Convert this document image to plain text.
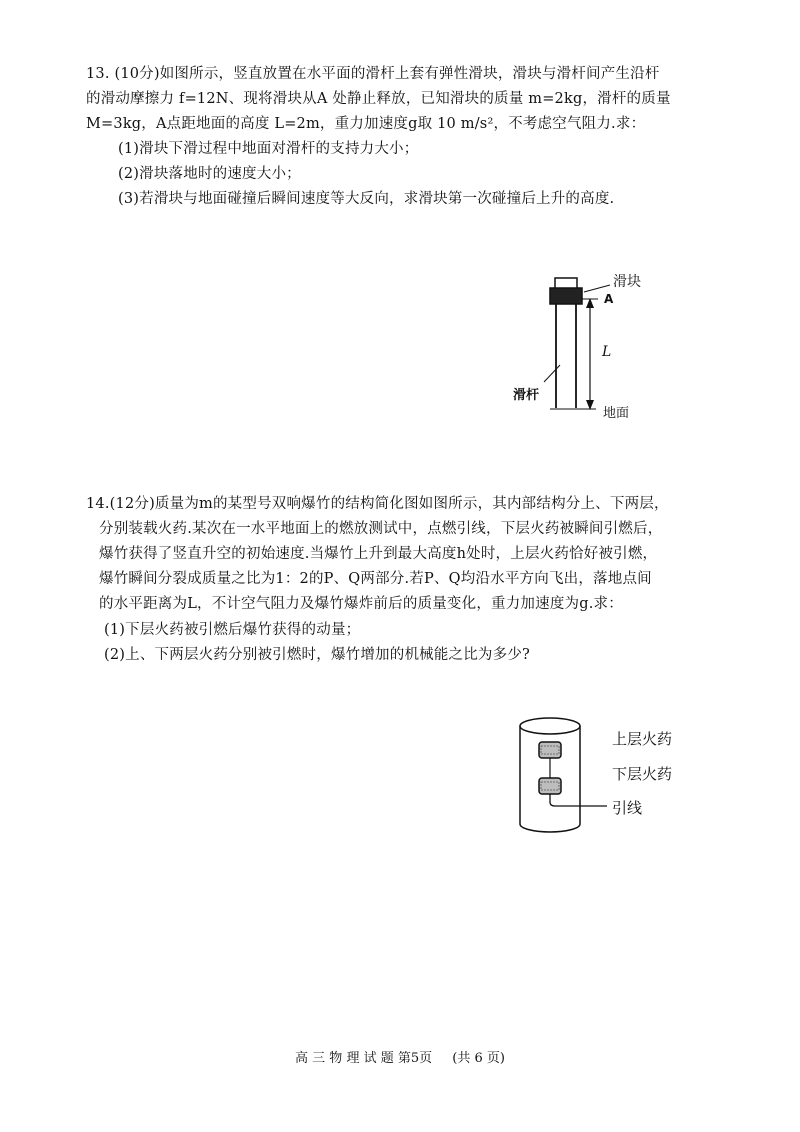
13. (10分)如图所示，竖直放置在水平面的滑杆上套有弹性滑块，滑块与滑杆间产生沿杆
的滑动摩擦力 f=12N、现将滑块从A 处静止释放，已知滑块的质量 m=2kg，滑杆的质量
M=3kg，A点距地面的高度 L=2m，重力加速度g取 10 m/s²，不考虑空气阻力.求：
(1)滑块下滑过程中地面对滑杆的支持力大小；
(2)滑块落地时的速度大小；
(3)若滑块与地面碰撞后瞬间速度等大反向，求滑块第一次碰撞后上升的高度.
滑块
A
L
滑杆
地面
14.(12分)质量为m的某型号双响爆竹的结构简化图如图所示，其内部结构分上、下两层，
分别装载火药.某次在一水平地面上的燃放测试中，点燃引线，下层火药被瞬间引燃后，
爆竹获得了竖直升空的初始速度.当爆竹上升到最大高度h处时，上层火药恰好被引燃，
爆竹瞬间分裂成质量之比为1：2的P、Q两部分.若P、Q均沿水平方向飞出，落地点间
的水平距离为L，不计空气阻力及爆竹爆炸前后的质量变化，重力加速度为g.求：
(1)下层火药被引燃后爆竹获得的动量；
(2)上、下两层火药分别被引燃时，爆竹增加的机械能之比为多少?
上层火药
下层火药
引线
高 三 物 理 试 题 第5页 (共 6 页)
